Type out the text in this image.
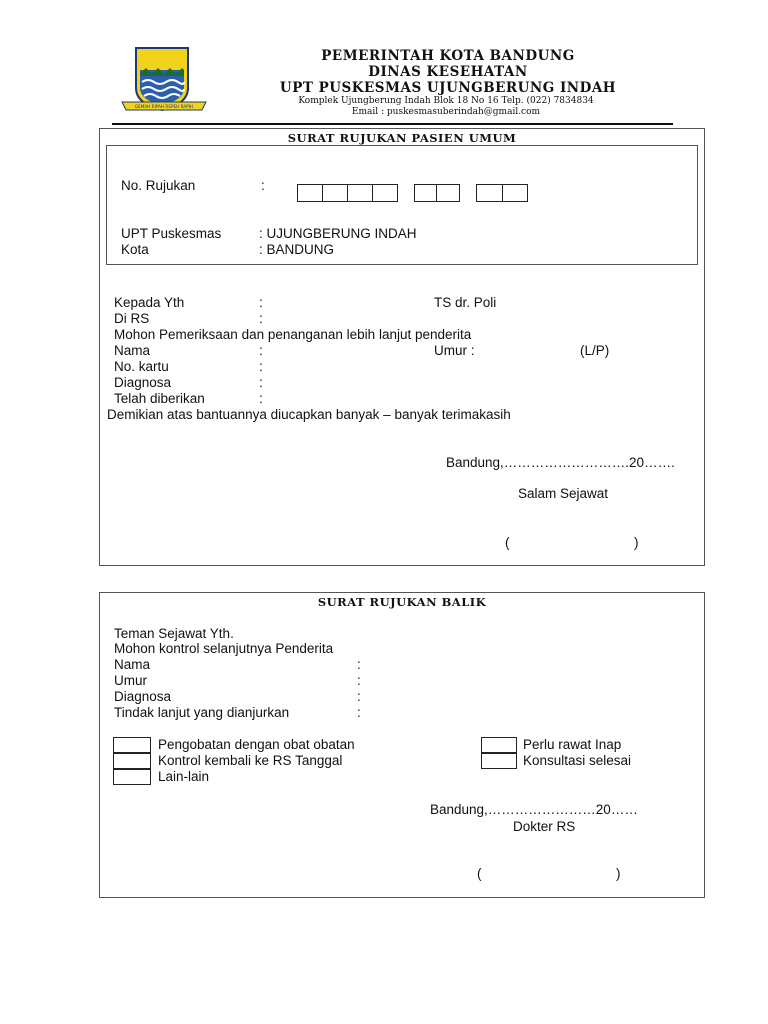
GEMAH RIPAH REPEH RAPIH
PEMERINTAH KOTA BANDUNG
DINAS KESEHATAN
UPT PUSKESMAS UJUNGBERUNG INDAH
Komplek Ujungberung Indah Blok 18 No 16 Telp. (022) 7834834
Email : puskesmasuberindah@gmail.com
SURAT RUJUKAN PASIEN UMUM
No. Rujukan	:
UPT Puskesmas	: UJUNGBERUNG INDAH
Kota	: BANDUNG
Kepada Yth	:	TS dr. Poli
Di RS	:
Mohon Pemeriksaan dan penanganan lebih lanjut penderita
Nama	:	Umur :	(L/P)
No. kartu	:
Diagnosa	:
Telah diberikan	:
Demikian atas bantuannya diucapkan banyak – banyak terimakasih
Bandung,……………………….20…….
Salam Sejawat
(	)
SURAT RUJUKAN BALIK
Teman Sejawat Yth.
Mohon kontrol selanjutnya Penderita
Nama	:
Umur	:
Diagnosa	:
Tindak lanjut yang dianjurkan	:
Pengobatan dengan obat obatan
Kontrol kembali ke RS Tanggal
Lain-lain
Perlu rawat Inap
Konsultasi selesai
Bandung,……………………20……
Dokter RS
(	)
